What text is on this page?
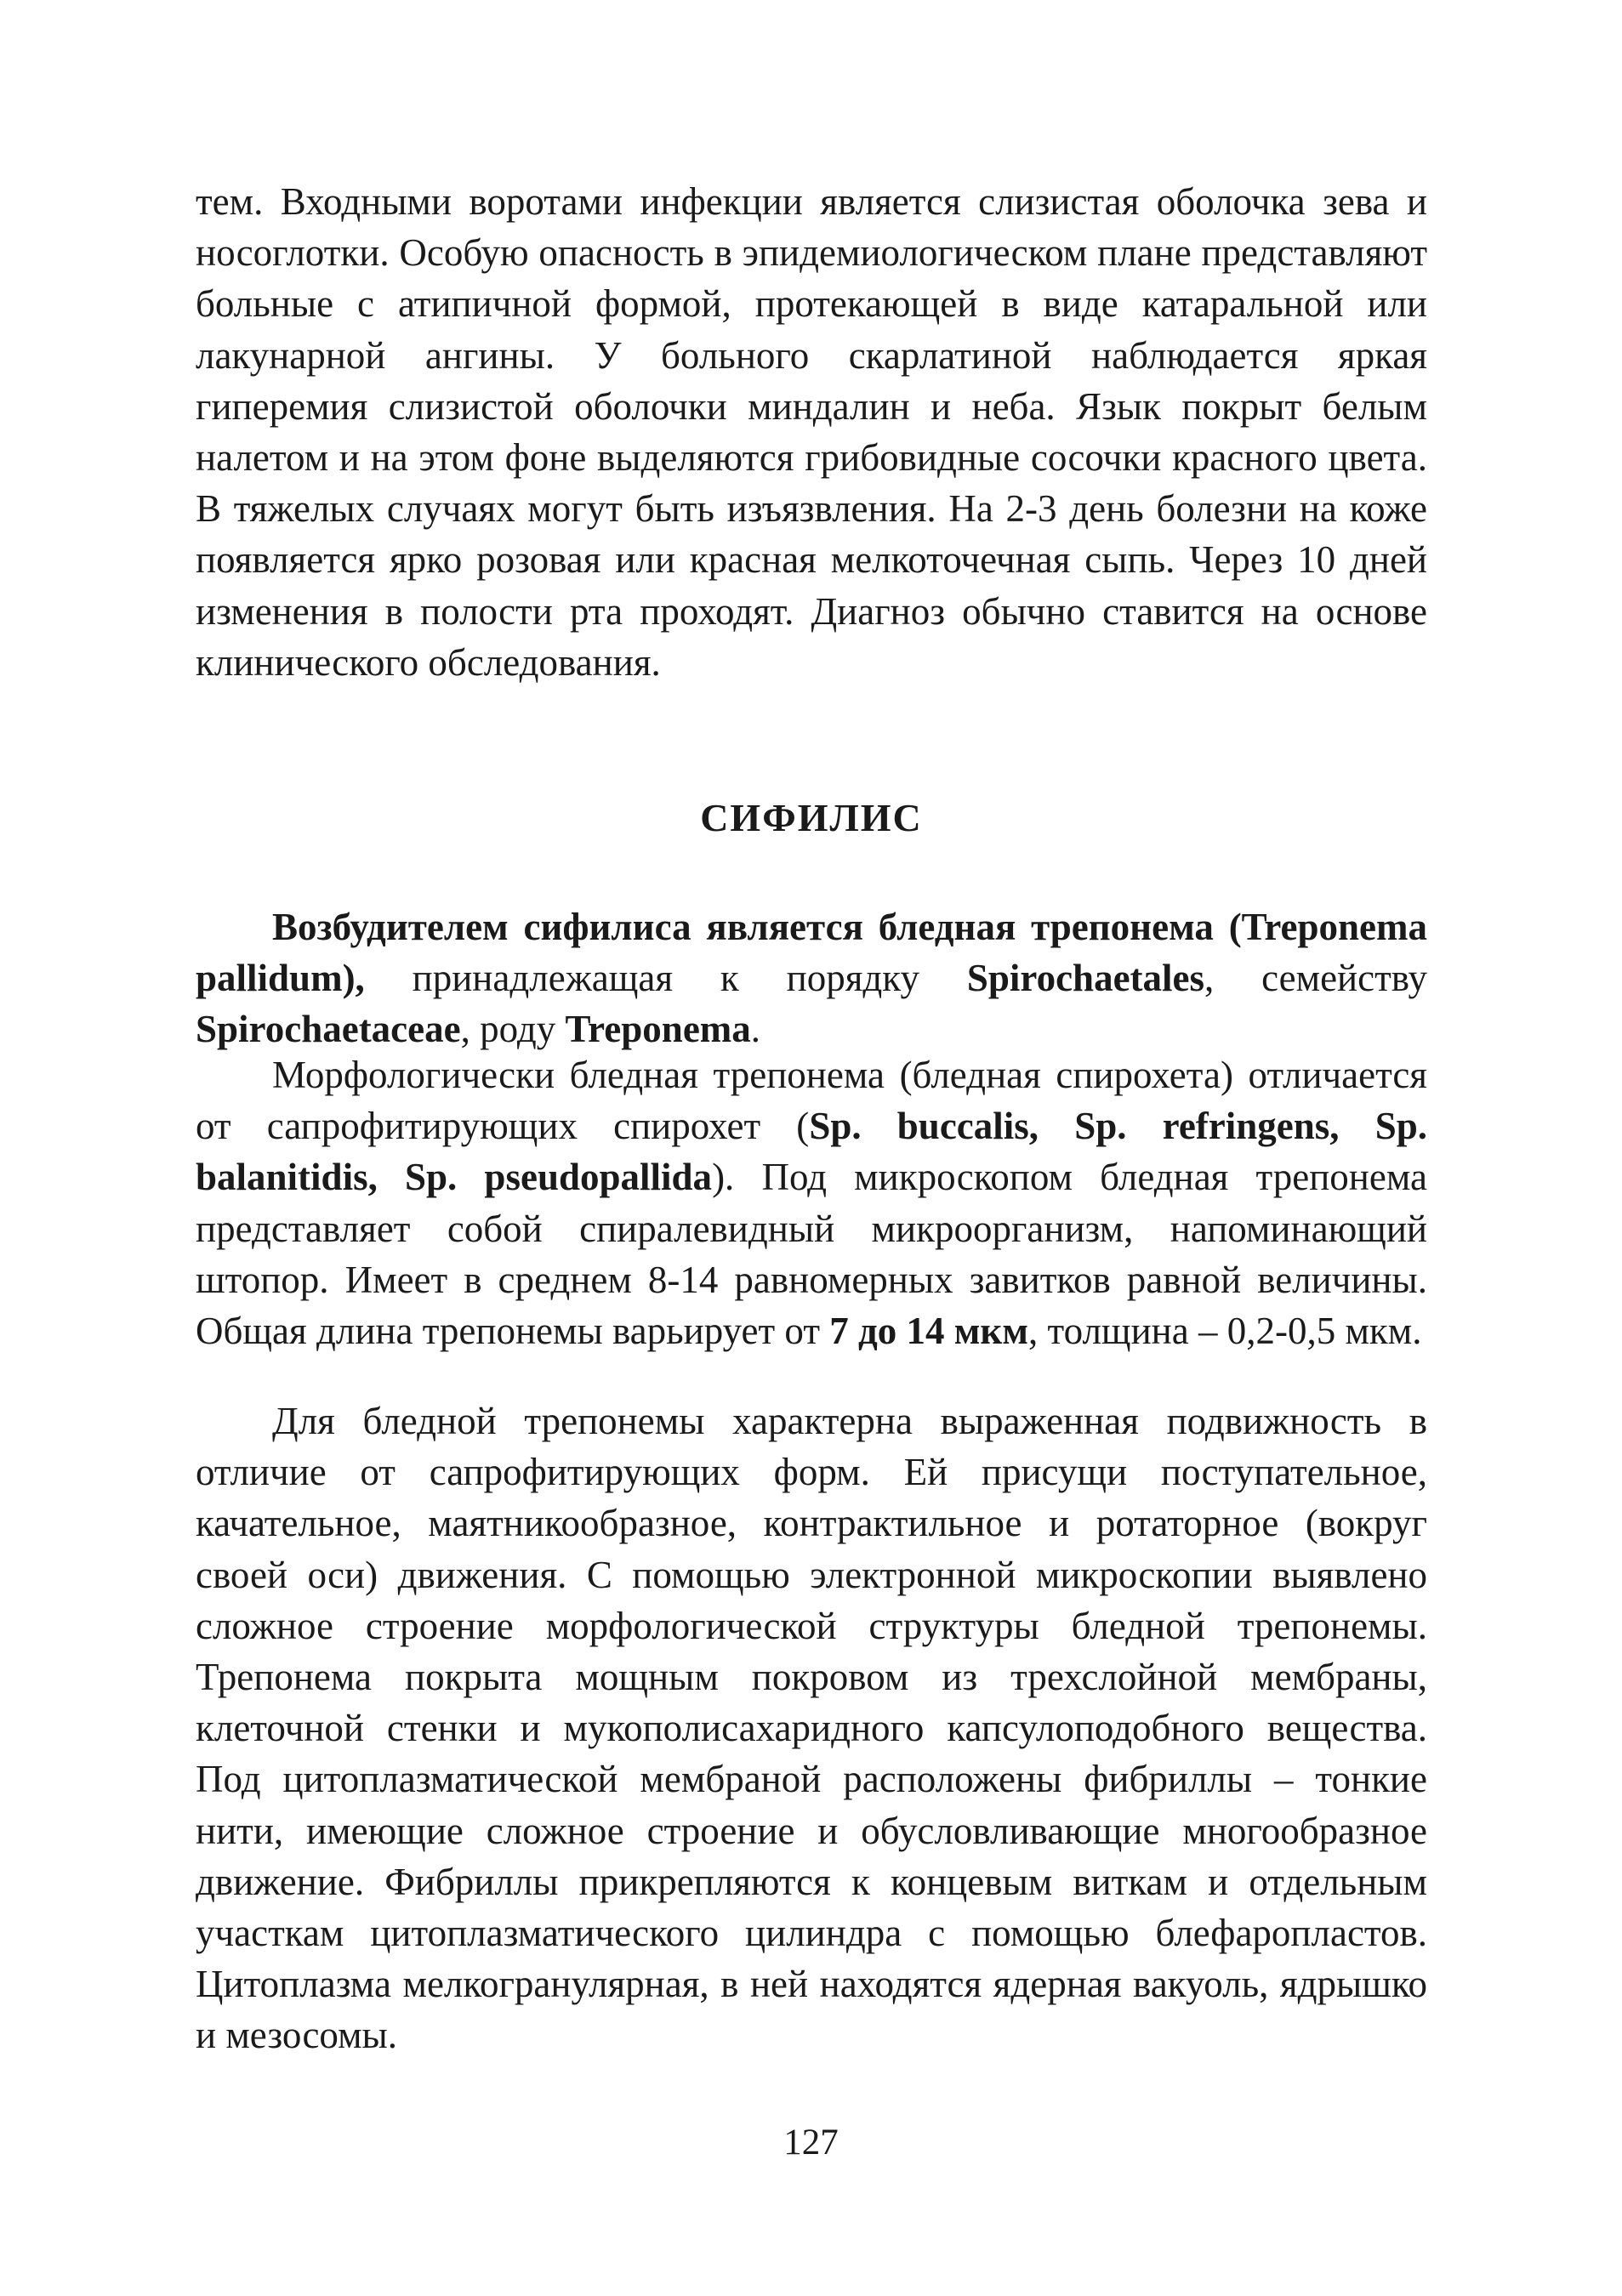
тем. Входными воротами инфекции является слизистая оболочка зева и носоглотки. Особую опасность в эпидемиологическом плане представляют больные с атипичной формой, протекающей в виде катаральной или лакунарной ангины. У больного скарлатиной наблюдается яркая гиперемия слизистой оболочки миндалин и неба. Язык покрыт белым налетом и на этом фоне выделяются грибовидные сосочки красного цвета. В тяжелых случаях могут быть изъязвления. На 2-3 день болезни на коже появляется ярко розовая или красная мелкоточечная сыпь. Через 10 дней изменения в полости рта проходят. Диагноз обычно ставится на основе клинического обследования.

СИФИЛИС

Возбудителем сифилиса является бледная трепонема (Treponema pallidum), принадлежащая к порядку Spirochaetales, семейству Spirochaetaceae, роду Treponema.

Морфологически бледная трепонема (бледная спирохета) отличается от сапрофитирующих спирохет (Sp. buccalis, Sp. refringens, Sp. balanitidis, Sp. pseudopallida). Под микроскопом бледная трепонема представляет собой спиралевидный микроорганизм, напоминающий штопор. Имеет в среднем 8-14 равномерных завитков равной величины. Общая длина трепонемы варьирует от 7 до 14 мкм, толщина – 0,2-0,5 мкм.

Для бледной трепонемы характерна выраженная подвижность в отличие от сапрофитирующих форм. Ей присущи поступательное, качательное, маятникообразное, контрактильное и ротаторное (вокруг своей оси) движения. С помощью электронной микроскопии выявлено сложное строение морфологической структуры бледной трепонемы. Трепонема покрыта мощным покровом из трехслойной мембраны, клеточной стенки и мукополисахаридного капсулоподобного вещества. Под цитоплазматической мембраной расположены фибриллы – тонкие нити, имеющие сложное строение и обусловливающие многообразное движение. Фибриллы прикрепляются к концевым виткам и отдельным участкам цитоплазматического цилиндра с помощью блефаропластов. Цитоплазма мелкогранулярная, в ней находятся ядерная вакуоль, ядрышко и мезосомы.

127
